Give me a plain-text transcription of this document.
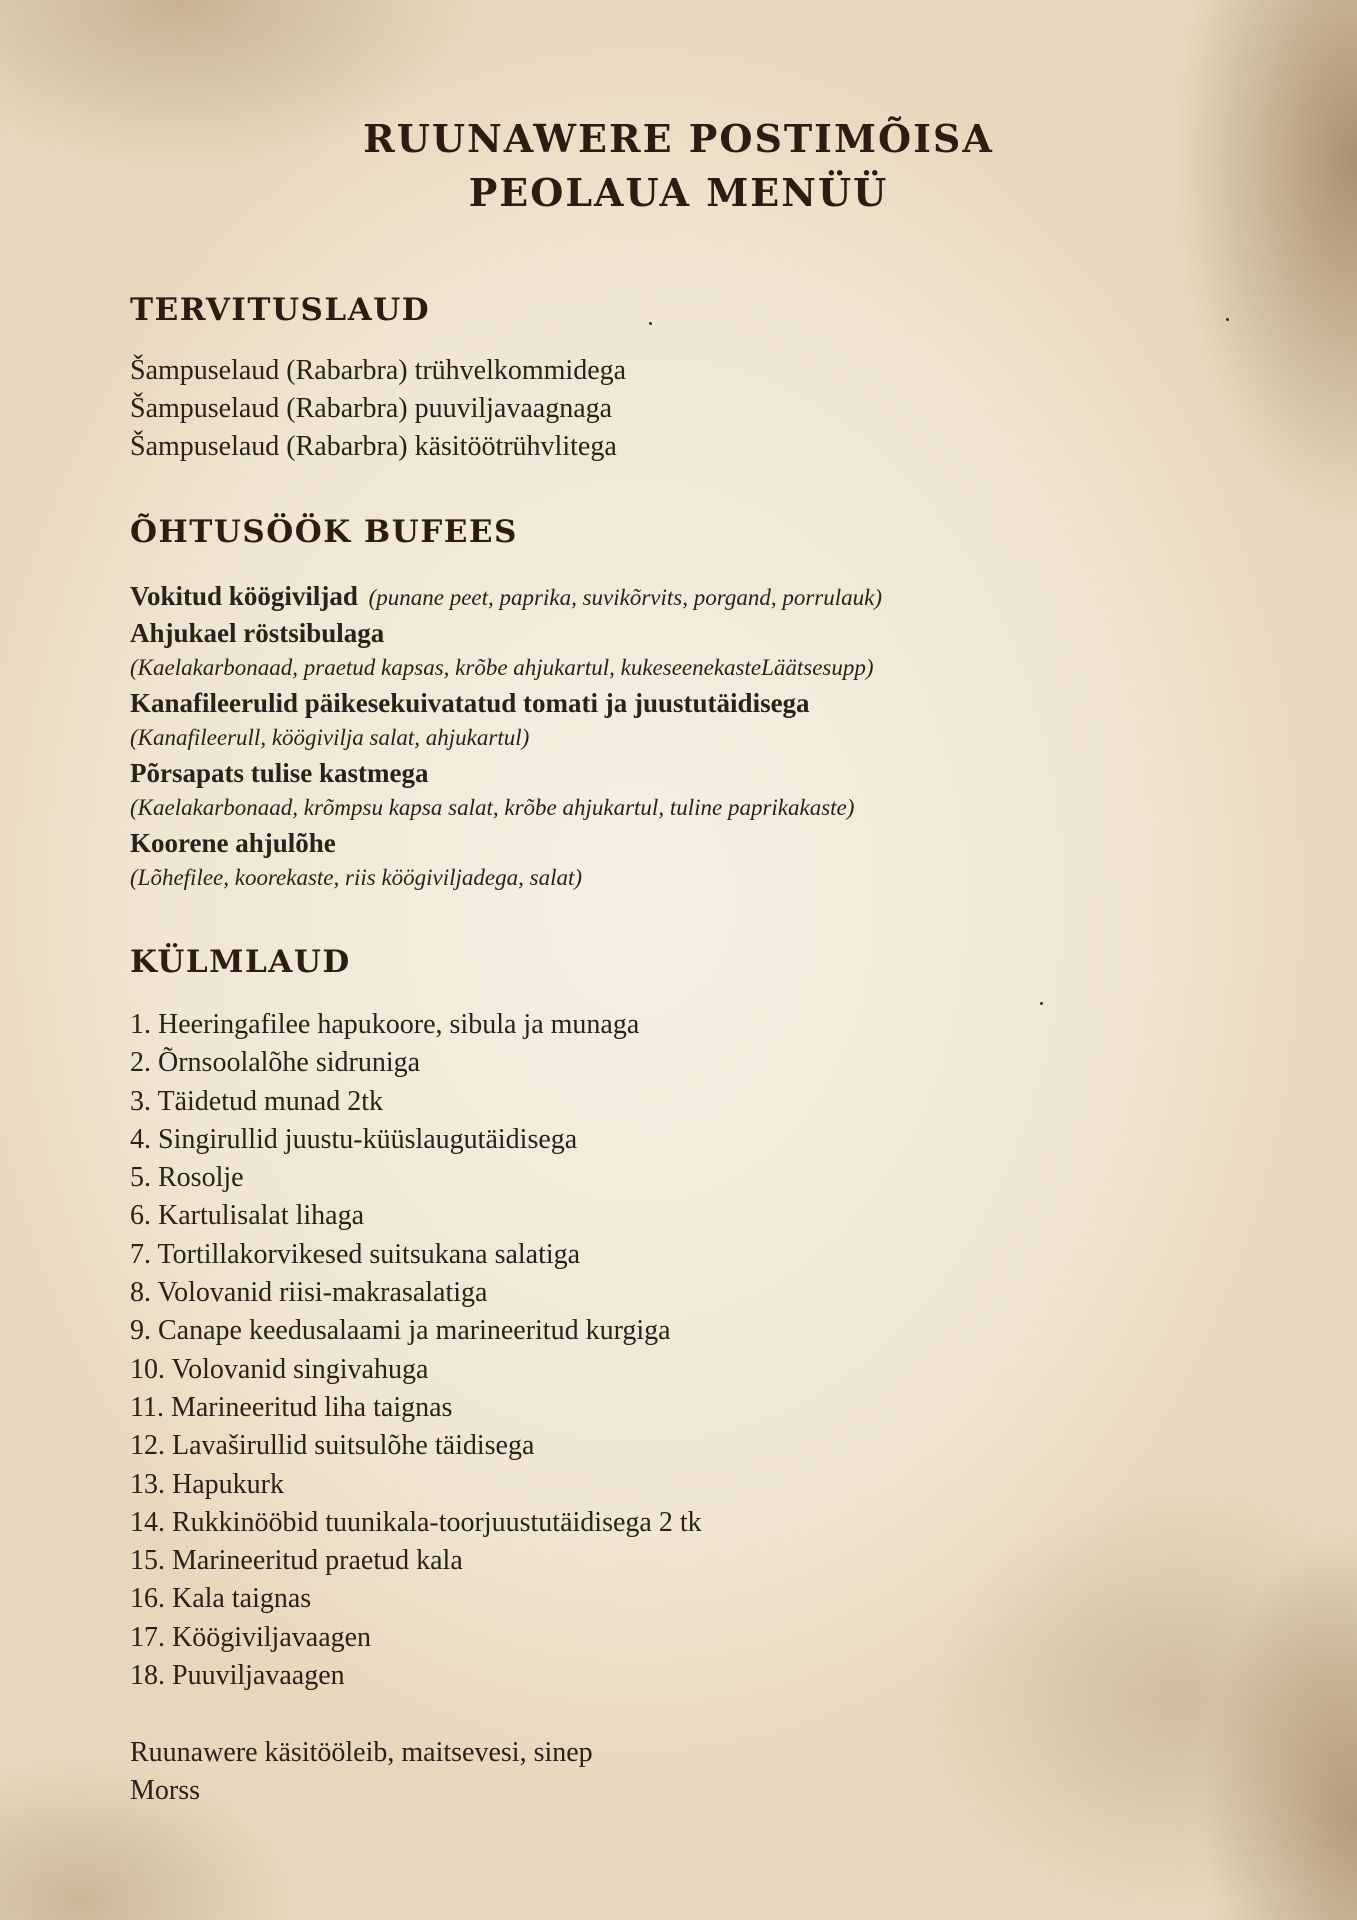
RUUNAWERE POSTIMÕISA
PEOLAUA MENÜÜ
TERVITUSLAUD
Šampuselaud (Rabarbra) trühvelkommidega
Šampuselaud (Rabarbra) puuviljavaagnaga
Šampuselaud (Rabarbra) käsitöötrühvlitega
ÕHTUSÖÖK BUFEES
Vokitud köögiviljad (punane peet, paprika, suvikõrvits, porgand, porrulauk)
Ahjukael röstsibulaga
(Kaelakarbonaad, praetud kapsas, krõbe ahjukartul, kukeseenekasteLäätsesupp)
Kanafileerulid päikesekuivatatud tomati ja juustutäidisega
(Kanafileerull, köögivilja salat, ahjukartul)
Põrsapats tulise kastmega
(Kaelakarbonaad, krõmpsu kapsa salat, krõbe ahjukartul, tuline paprikakaste)
Koorene ahjulõhe
(Lõhefilee, koorekaste, riis köögiviljadega, salat)
KÜLMLAUD
1. Heeringafilee hapukoore, sibula ja munaga
2. Õrnsoolalõhe sidruniga
3. Täidetud munad 2tk
4. Singirullid juustu-küüslaugutäidisega
5. Rosolje
6. Kartulisalat lihaga
7. Tortillakorvikesed suitsukana salatiga
8. Volovanid riisi-makrasalatiga
9. Canape keedusalaami ja marineeritud kurgiga
10. Volovanid singivahuga
11. Marineeritud liha taignas
12. Lavaširullid suitsulõhe täidisega
13. Hapukurk
14. Rukkinööbid tuunikala-toorjuustutäidisega 2 tk
15. Marineeritud praetud kala
16. Kala taignas
17. Köögiviljavaagen
18. Puuviljavaagen
Ruunawere käsitööleib, maitsevesi, sinep
Morss
